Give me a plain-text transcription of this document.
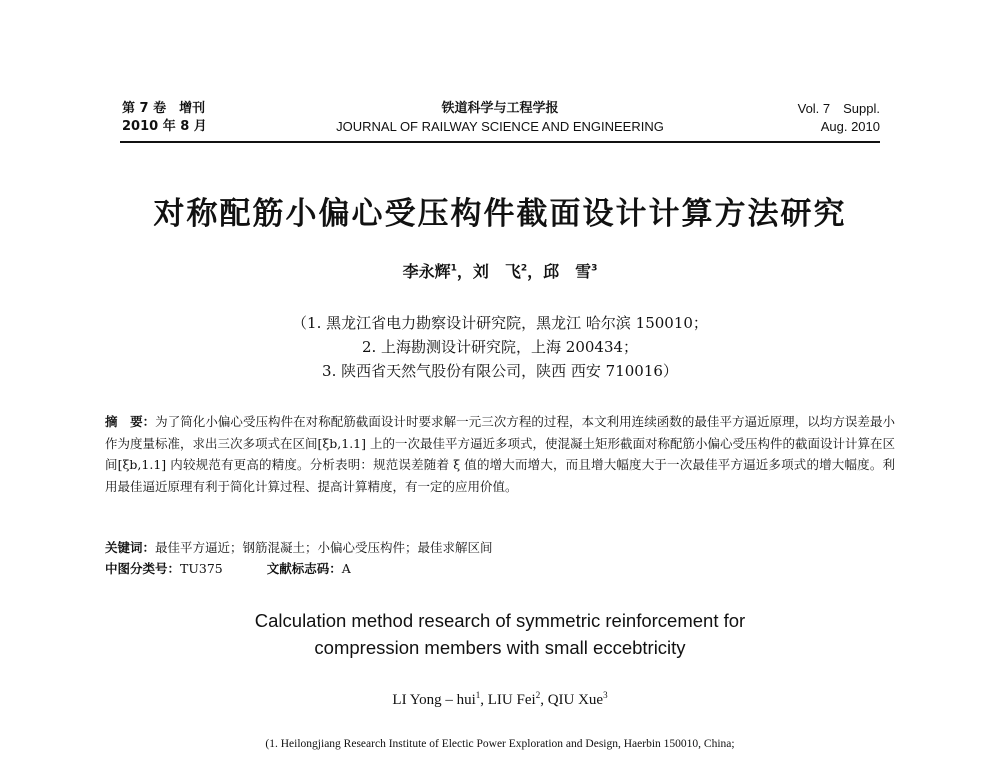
第 7 卷　增刊
2010 年 8 月
铁道科学与工程学报
JOURNAL OF RAILWAY SCIENCE AND ENGINEERING
Vol. 7　Suppl.
Aug. 2010
对称配筋小偏心受压构件截面设计计算方法研究
李永辉$^1$，刘　飞$^2$，邱　雪$^3$
（1. 黑龙江省电力勘察设计研究院，黑龙江 哈尔滨 150010；
2. 上海勘测设计研究院，上海 200434；
3. 陕西省天然气股份有限公司，陕西 西安 710016）
摘　要：为了简化小偏心受压构件在对称配筋截面设计时要求解一元三次方程的过程，本文利用连续函数的最佳平方逼近原理，以均方误差最小作为度量标准，求出三次多项式在区间[ξb,1.1] 上的一次最佳平方逼近多项式，使混凝土矩形截面对称配筋小偏心受压构件的截面设计计算在区间[ξb,1.1] 内较规范有更高的精度。分析表明：规范误差随着 ξ 值的增大而增大，而且增大幅度大于一次最佳平方逼近多项式的增大幅度。利用最佳逼近原理有利于简化计算过程、提高计算精度，有一定的应用价值。
关键词：最佳平方逼近；钢筋混凝土；小偏心受压构件；最佳求解区间
中图分类号：TU375	文献标志码：A
Calculation method research of symmetric reinforcement for
compression members with small eccebtricity
LI Yong – hui$^1$, LIU Fei$^2$, QIU Xue$^3$
(1. Heilongjiang Research Institute of Electic Power Exploration and Design, Haerbin 150010, China;
